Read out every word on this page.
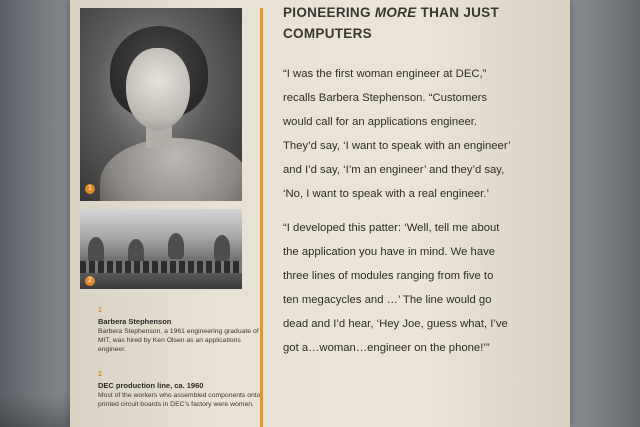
1
2
1
Barbera Stephenson
Barbera Stephenson, a 1961 engineering graduate of MIT, was hired by Ken Olsen as an applications engineer.
2
DEC production line, ca. 1960
Most of the workers who assembled components onto printed circuit boards in DEC’s factory were women.
PIONEERING MORE THAN JUST
COMPUTERS
“I was the first woman engineer at DEC,”
recalls Barbera Stephenson. “Customers
would call for an applications engineer.
They’d say, ‘I want to speak with an engineer’
and I’d say, ‘I’m an engineer’ and they’d say,
‘No, I want to speak with a real engineer.’
“I developed this patter: ‘Well, tell me about
the application you have in mind. We have
three lines of modules ranging from five to
ten megacycles and …’ The line would go
dead and I’d hear, ‘Hey Joe, guess what, I’ve
got a…woman…engineer on the phone!’”
